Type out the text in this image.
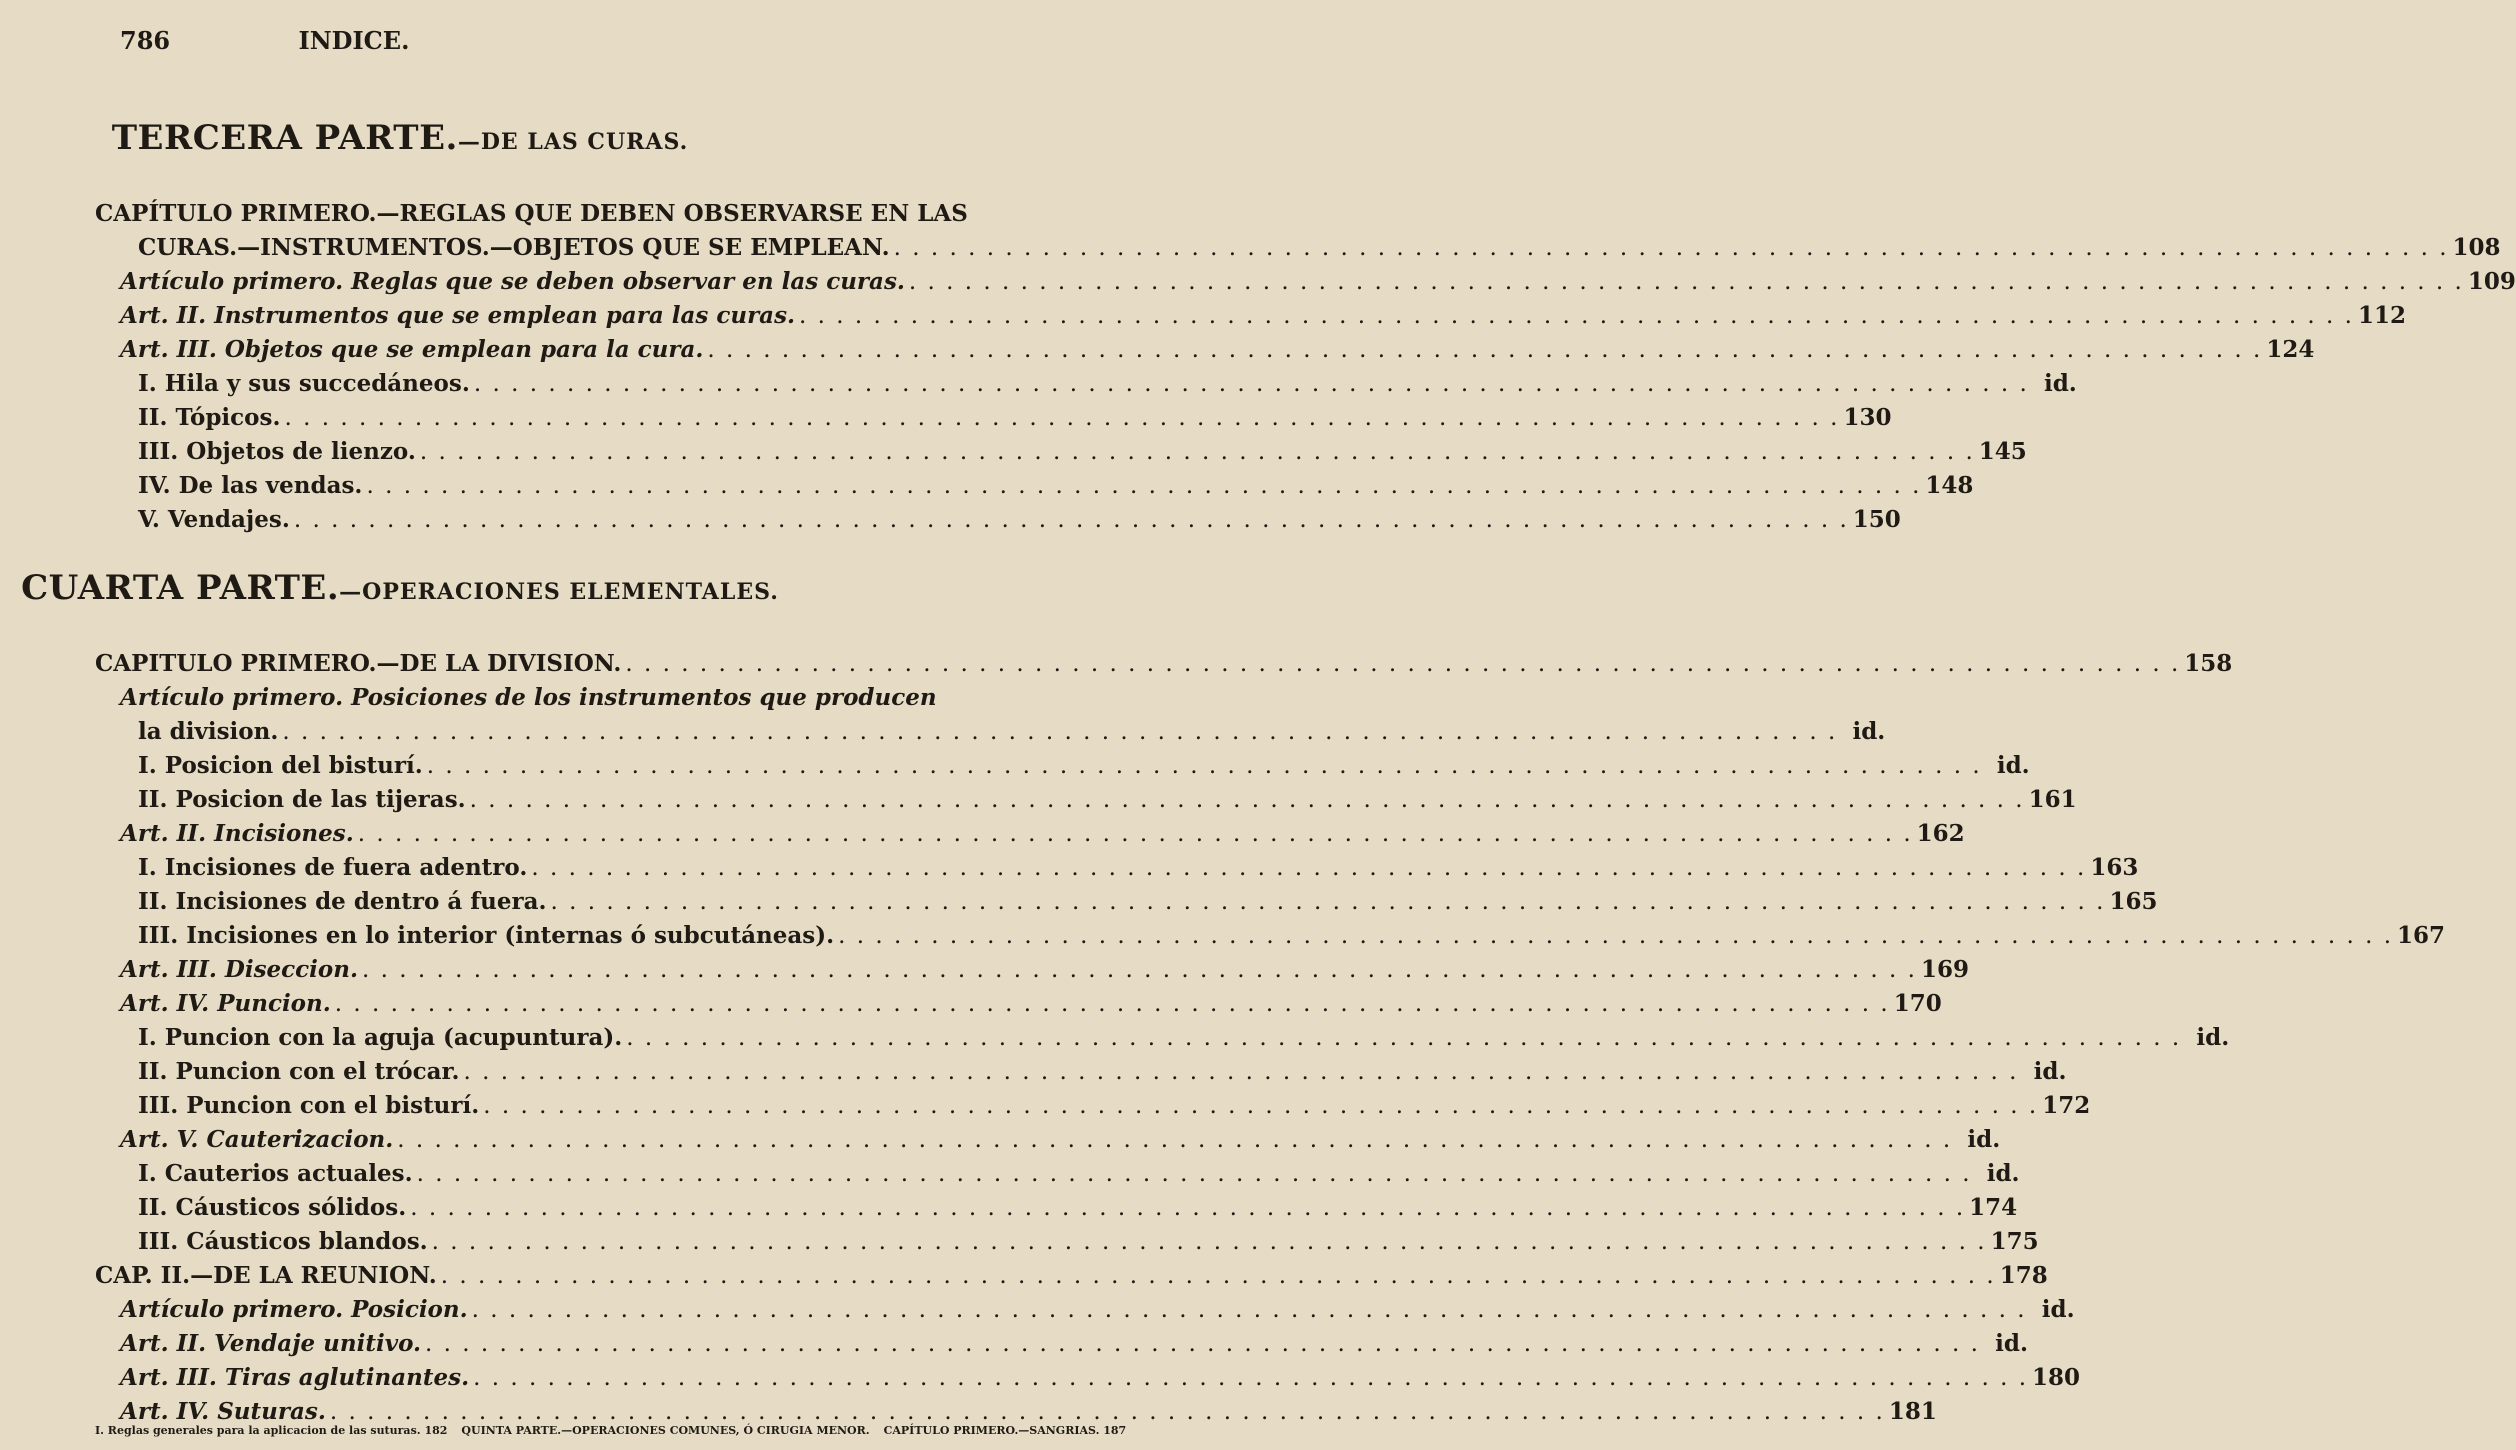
786	INDICE.
TERCERA PARTE.—DE LAS CURAS.
CAPÍTULO PRIMERO.—REGLAS QUE DEBEN OBSERVARSE EN LAS
CURAS.—INSTRUMENTOS.—OBJETOS QUE SE EMPLEAN. . . .	108
Artículo primero. Reglas que se deben observar en las curas. . . .	109
Art. II. Instrumentos que se emplean para las curas. . . .	112
Art. III. Objetos que se emplean para la cura. . . .	124
I. Hila y sus succedáneos. . . .	id.
II. Tópicos. . . .	130
III. Objetos de lienzo. . . .	145
IV. De las vendas. . . .	148
V. Vendajes. . . .	150
CUARTA PARTE.—OPERACIONES ELEMENTALES.
CAPITULO PRIMERO.—DE LA DIVISION. . . .	158
Artículo primero. Posiciones de los instrumentos que producen
la division. . . .	id.
I. Posicion del bisturí. . . .	id.
II. Posicion de las tijeras. . . .	161
Art. II. Incisiones. . . .	162
I. Incisiones de fuera adentro. . . .	163
II. Incisiones de dentro á fuera. . . .	165
III. Incisiones en lo interior (internas ó subcutáneas). . . .	167
Art. III. Diseccion. . . .	169
Art. IV. Puncion. . . .	170
I. Puncion con la aguja (acupuntura). . . .	id.
II. Puncion con el trócar. . . .	id.
III. Puncion con el bisturí. . . .	172
Art. V. Cauterizacion. . . .	id.
I. Cauterios actuales. . . .	id.
II. Cáusticos sólidos. . . .	174
III. Cáusticos blandos. . . .	175
CAP. II.—DE LA REUNION. . . .	178
Artículo primero. Posicion. . . .	id.
Art. II. Vendaje unitivo. . . .	id.
Art. III. Tiras aglutinantes. . . .	180
Art. IV. Suturas. . . .	181
I. Reglas generales para la aplicacion de las suturas. 182 QUINTA PARTE.—OPERACIONES COMUNES, Ó CIRUGIA MENOR. CAPÍTULO PRIMERO.—SANGRIAS. 187
